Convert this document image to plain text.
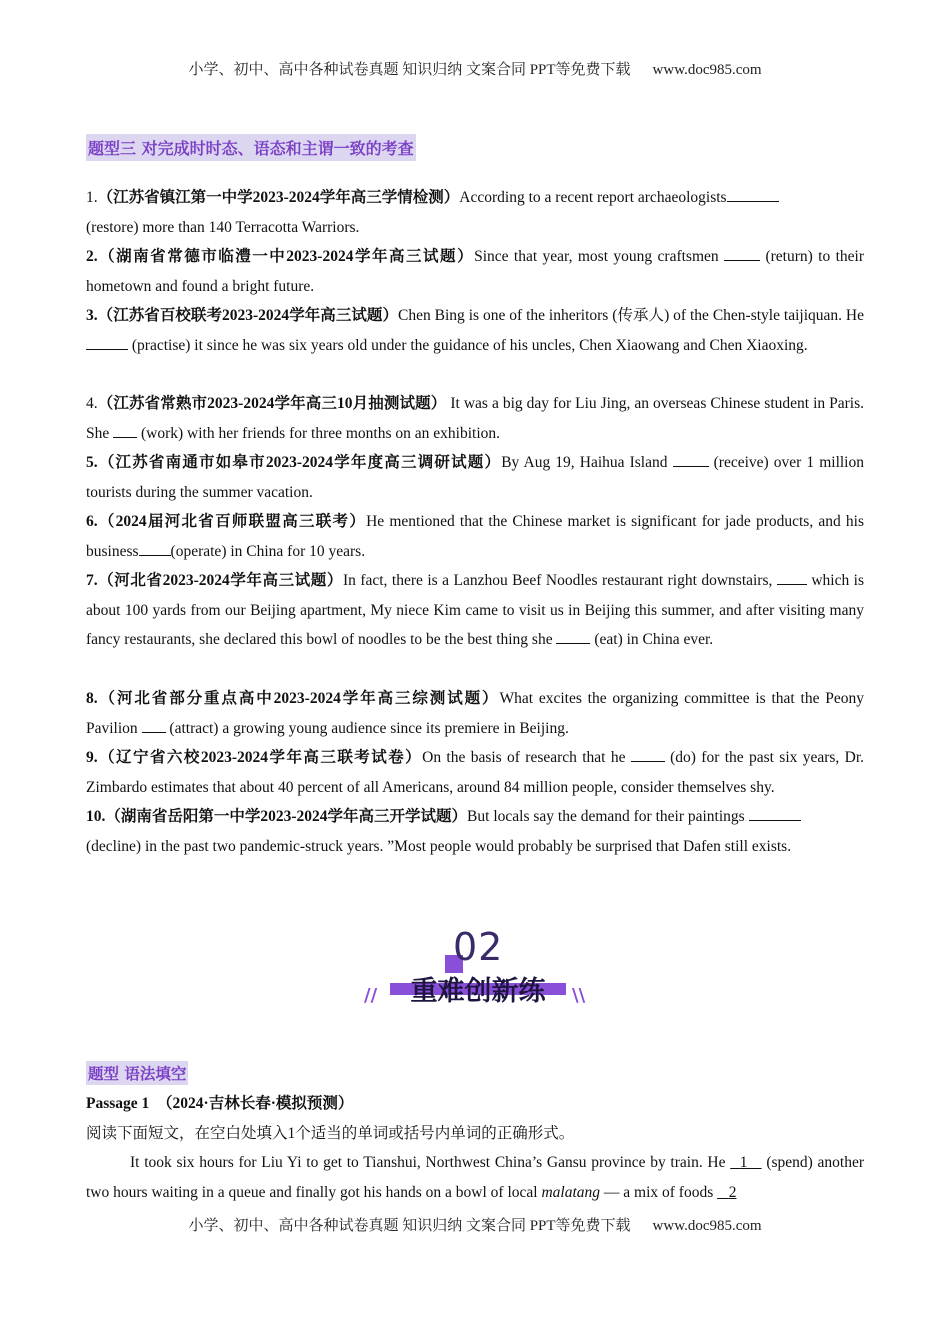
小学、初中、高中各种试卷真题 知识归纳 文案合同 PPT等免费下载 www.doc985.com
题型三 对完成时时态、语态和主谓一致的考查
1.（江苏省镇江第一中学2023-2024学年高三学情检测）According to a recent report archaeologists
(restore) more than 140 Terracotta Warriors.
2.（湖南省常德市临澧一中2023-2024学年高三试题）Since that year, most young craftsmen	(return) to their hometown and found a bright future.
3.（江苏省百校联考2023-2024学年高三试题）Chen Bing is one of the inheritors (传承人) of the Chen-style taijiquan. He (practise) it since he was six years old under the guidance of his uncles, Chen Xiaowang and Chen Xiaoxing.
4.（江苏省常熟市2023-2024学年高三10月抽测试题） It was a big day for Liu Jing, an overseas Chinese student in Paris. She (work) with her friends for three months on an exhibition.
5.（江苏省南通市如皋市2023-2024学年度高三调研试题）By Aug 19, Haihua Island	(receive) over 1 million tourists during the summer vacation.
6.（2024届河北省百师联盟高三联考）He mentioned that the Chinese market is significant for jade products, and his business (operate) in China for 10 years.
7.（河北省2023-2024学年高三试题）In fact, there is a Lanzhou Beef Noodles restaurant right downstairs,	which is about 100 yards from our Beijing apartment, My niece Kim came to visit us in Beijing this summer, and after visiting many fancy restaurants, she declared this bowl of noodles to be the best thing she	(eat) in China ever.
8.（河北省部分重点高中2023-2024学年高三综测试题）What excites the organizing committee is that the Peony Pavilion (attract) a growing young audience since its premiere in Beijing.
9.（辽宁省六校2023-2024学年高三联考试卷）On the basis of research that he	(do) for the past six years, Dr. Zimbardo estimates that about 40 percent of all Americans, around 84 million people, consider themselves shy.
10.（湖南省岳阳第一中学2023-2024学年高三开学试题）But locals say the demand for their paintings
(decline) in the past two pandemic-struck years. ”Most people would probably be surprised that Dafen still exists.
02
重难创新练
//	\\
题型 语法填空
Passage 1 （2024·吉林长春·模拟预测）
阅读下面短文，在空白处填入1个适当的单词或括号内单词的正确形式。
It took six hours for Liu Yi to get to Tianshui, Northwest China’s Gansu province by train. He 1 (spend) another two hours waiting in a queue and finally got his hands on a bowl of local malatang — a mix of foods 2
小学、初中、高中各种试卷真题 知识归纳 文案合同 PPT等免费下载 www.doc985.com
